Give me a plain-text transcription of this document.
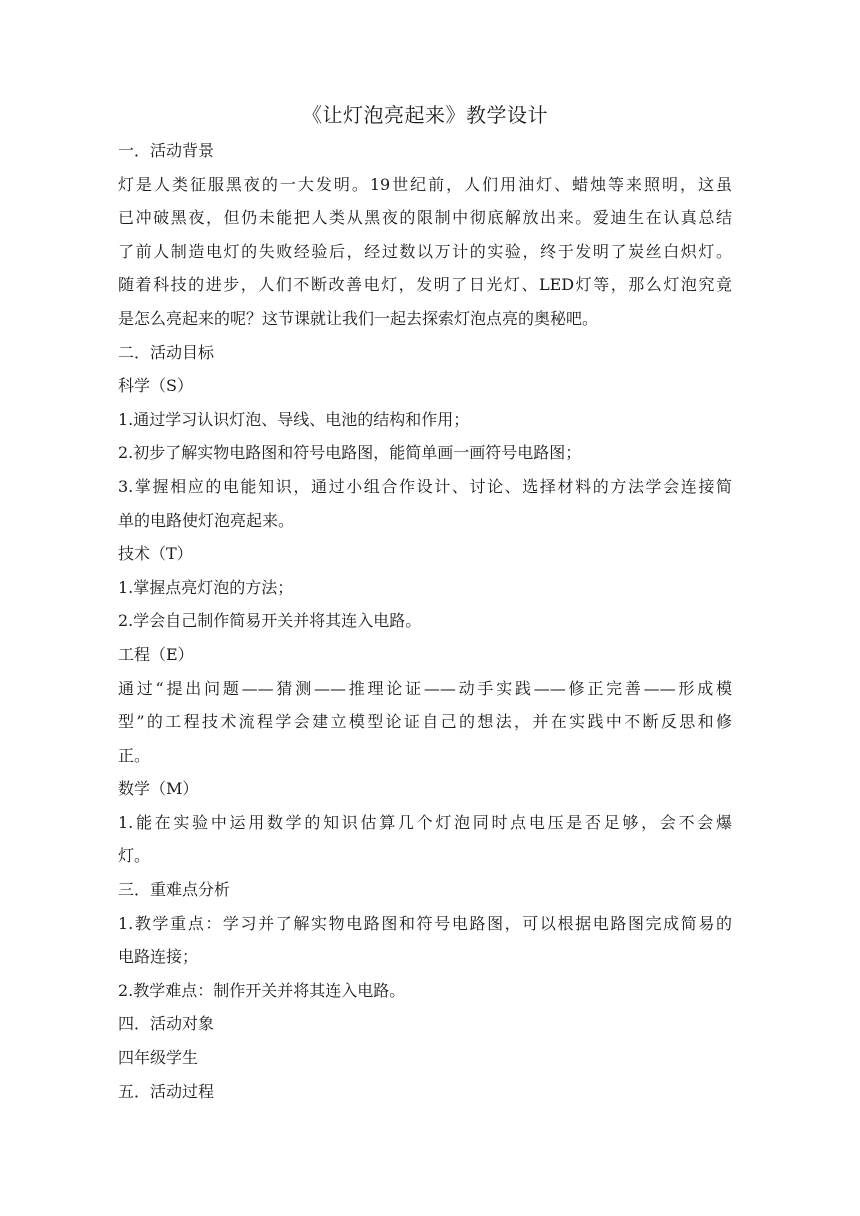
《让灯泡亮起来》教学设计

一．活动背景

灯是人类征服黑夜的一大发明。19世纪前，人们用油灯、蜡烛等来照明，这虽

已冲破黑夜，但仍未能把人类从黑夜的限制中彻底解放出来。爱迪生在认真总结

了前人制造电灯的失败经验后，经过数以万计的实验，终于发明了炭丝白炽灯。

随着科技的进步，人们不断改善电灯，发明了日光灯、LED灯等，那么灯泡究竟

是怎么亮起来的呢？这节课就让我们一起去探索灯泡点亮的奥秘吧。

二．活动目标

科学（S）

1.通过学习认识灯泡、导线、电池的结构和作用；

2.初步了解实物电路图和符号电路图，能简单画一画符号电路图；

3.掌握相应的电能知识，通过小组合作设计、讨论、选择材料的方法学会连接简

单的电路使灯泡亮起来。

技术（T）

1.掌握点亮灯泡的方法；

2.学会自己制作简易开关并将其连入电路。

工程（E）

通过“提出问题——猜测——推理论证——动手实践——修正完善——形成模

型”的工程技术流程学会建立模型论证自己的想法，并在实践中不断反思和修

正。

数学（M）

1.能在实验中运用数学的知识估算几个灯泡同时点电压是否足够，会不会爆

灯。

三．重难点分析

1.教学重点：学习并了解实物电路图和符号电路图，可以根据电路图完成简易的

电路连接；

2.教学难点：制作开关并将其连入电路。

四．活动对象

四年级学生

五．活动过程
